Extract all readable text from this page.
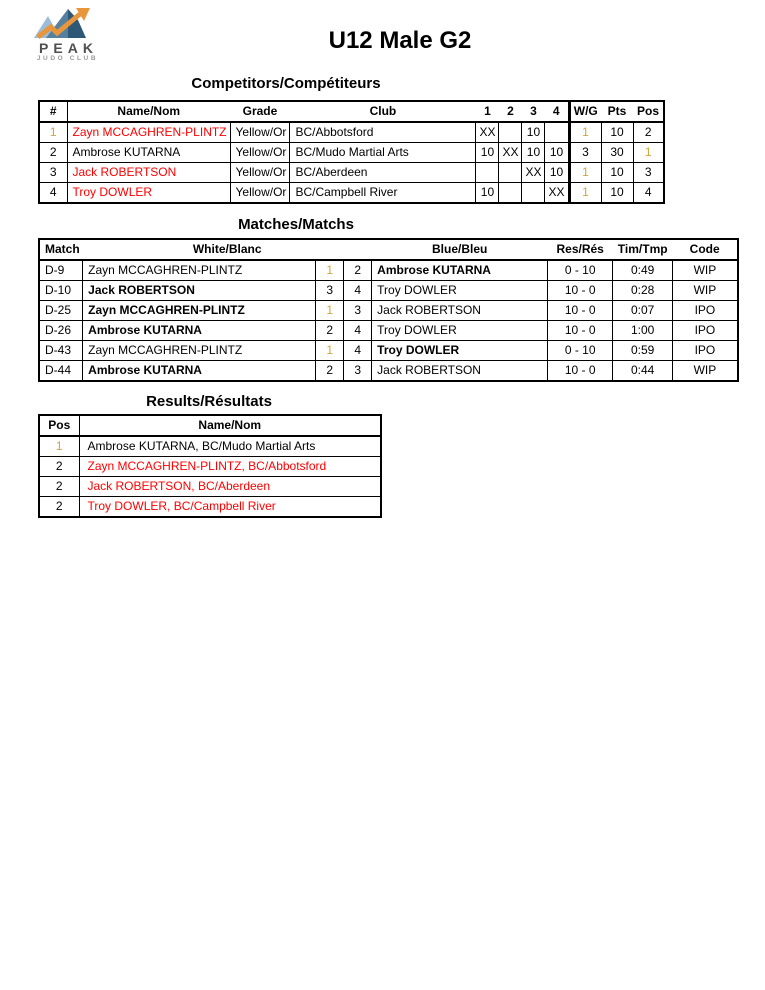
PEAK
JUDO CLUB
U12 Male G2
Competitors/Compétiteurs
#	Name/Nom	Grade	Club	1	2	3	4	W/G	Pts	Pos
1	Zayn MCCAGHREN-PLINTZ	Yellow/Or	BC/Abbotsford	XX		10		1	10	2
2	Ambrose KUTARNA	Yellow/Or	BC/Mudo Martial Arts	10	XX	10	10	3	30	1
3	Jack ROBERTSON	Yellow/Or	BC/Aberdeen			XX	10	1	10	3
4	Troy DOWLER	Yellow/Or	BC/Campbell River	10			XX	1	10	4
Matches/Matchs
Match	White/Blanc			Blue/Bleu	Res/Rés	Tim/Tmp	Code
D-9	Zayn MCCAGHREN-PLINTZ	1	2	Ambrose KUTARNA	0 - 10	0:49	WIP
D-10	Jack ROBERTSON	3	4	Troy DOWLER	10 - 0	0:28	WIP
D-25	Zayn MCCAGHREN-PLINTZ	1	3	Jack ROBERTSON	10 - 0	0:07	IPO
D-26	Ambrose KUTARNA	2	4	Troy DOWLER	10 - 0	1:00	IPO
D-43	Zayn MCCAGHREN-PLINTZ	1	4	Troy DOWLER	0 - 10	0:59	IPO
D-44	Ambrose KUTARNA	2	3	Jack ROBERTSON	10 - 0	0:44	WIP
Results/Résultats
Pos	Name/Nom
1	Ambrose KUTARNA, BC/Mudo Martial Arts
2	Zayn MCCAGHREN-PLINTZ, BC/Abbotsford
2	Jack ROBERTSON, BC/Aberdeen
2	Troy DOWLER, BC/Campbell River
